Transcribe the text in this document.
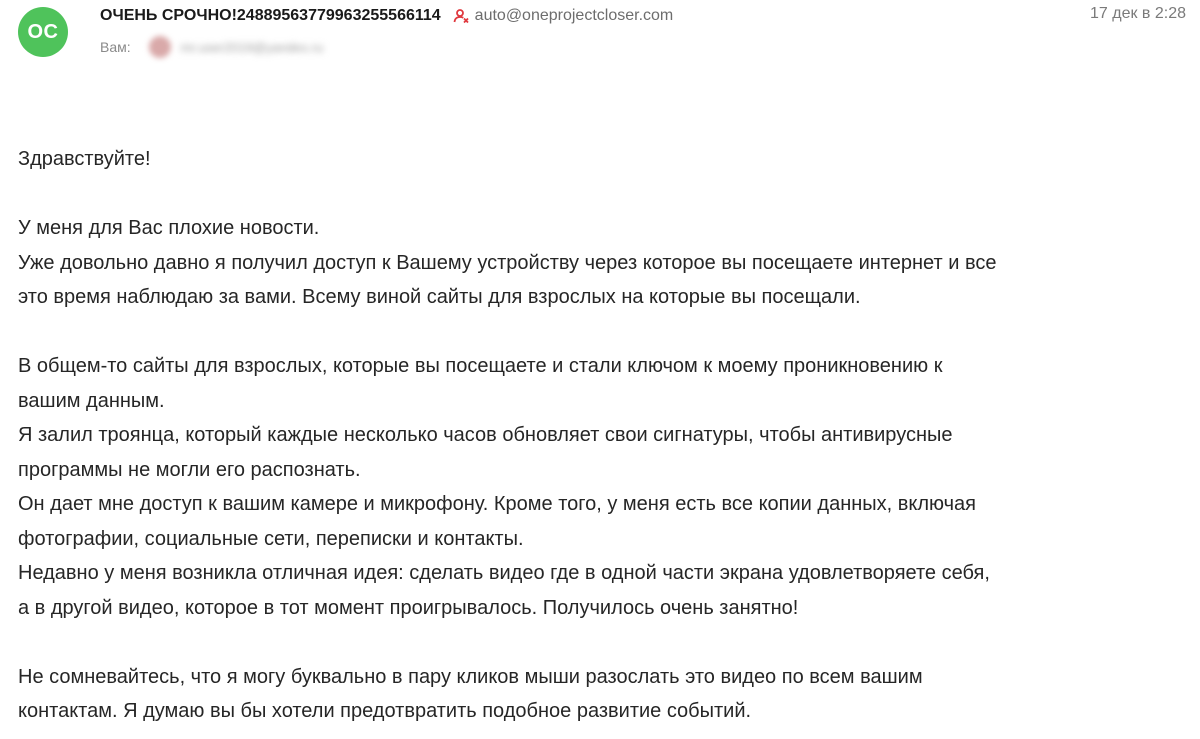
OC
ОЧЕНЬ СРОЧНО!24889563779963255566114 auto@oneprojectcloser.com	17 дек в 2:28
Вам:	mr.user2019@yandex.ru

Здравствуйте!

У меня для Вас плохие новости.
Уже довольно давно я получил доступ к Вашему устройству через которое вы посещаете интернет и все
это время наблюдаю за вами. Всему виной сайты для взрослых на которые вы посещали.

В общем-то сайты для взрослых, которые вы посещаете и стали ключом к моему проникновению к
вашим данным.
Я залил троянца, который каждые несколько часов обновляет свои сигнатуры, чтобы антивирусные
программы не могли его распознать.
Он дает мне доступ к вашим камере и микрофону. Кроме того, у меня есть все копии данных, включая
фотографии, социальные сети, переписки и контакты.
Недавно у меня возникла отличная идея: сделать видео где в одной части экрана удовлетворяете себя,
а в другой видео, которое в тот момент проигрывалось. Получилось очень занятно!

Не сомневайтесь, что я могу буквально в пару кликов мыши разослать это видео по всем вашим
контактам. Я думаю вы бы хотели предотвратить подобное развитие событий.
